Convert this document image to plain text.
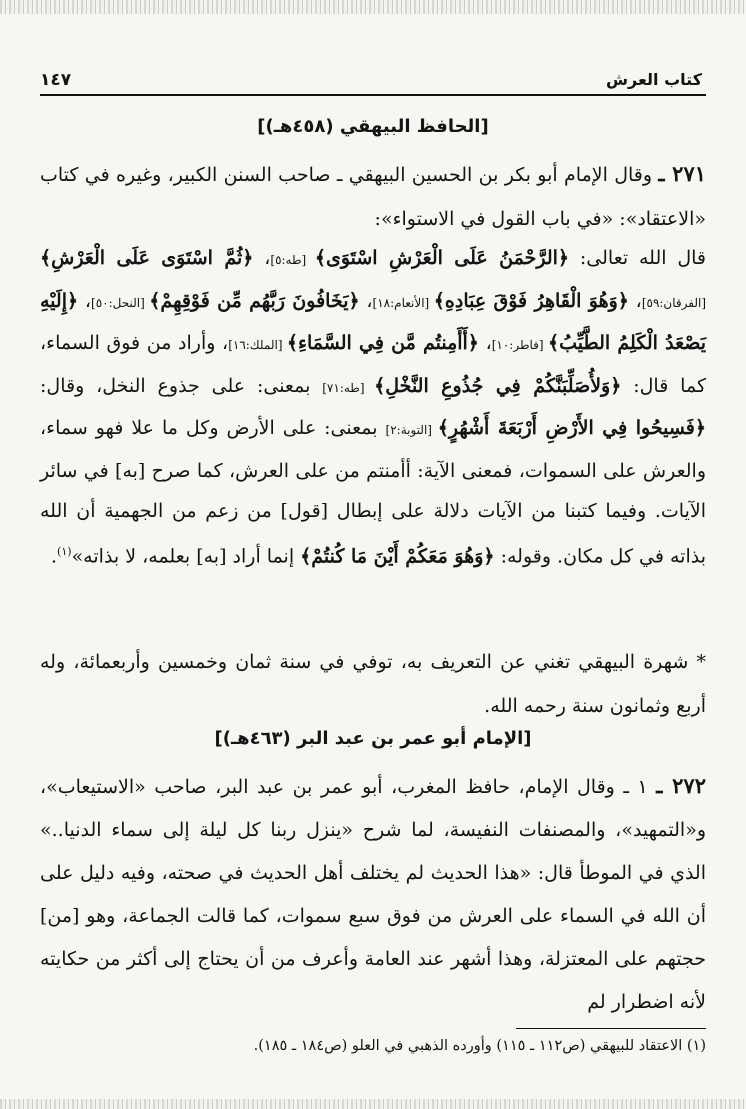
كتاب العرش
١٤٧
[الحافظ البيهقي (٤٥٨هـ)]
٢٧١ ـ وقال الإمام أبو بكر بن الحسين البيهقي ـ صاحب السنن الكبير، وغيره في كتاب «الاعتقاد»: «في باب القول في الاستواء»:
قال الله تعالى: ﴿الرَّحْمَنُ عَلَى الْعَرْشِ اسْتَوَى﴾ [طه:٥]، ﴿ثُمَّ اسْتَوَى عَلَى الْعَرْشِ﴾ [الفرقان:٥٩]، ﴿وَهُوَ الْقَاهِرُ فَوْقَ عِبَادِهِ﴾ [الأنعام:١٨]، ﴿يَخَافُونَ رَبَّهُم مِّن فَوْقِهِمْ﴾ [النحل:٥٠]، ﴿إِلَيْهِ يَصْعَدُ الْكَلِمُ الطَّيِّبُ﴾ [فاطر:١٠]، ﴿أَأَمِنتُم مَّن فِي السَّمَاءِ﴾ [الملك:١٦]، وأراد من فوق السماء، كما قال: ﴿وَلأُصَلِّبَنَّكُمْ فِي جُذُوعِ النَّخْلِ﴾ [طه:٧١] بمعنى: على جذوع النخل، وقال: ﴿فَسِيحُوا فِي الأَرْضِ أَرْبَعَةَ أَشْهُرٍ﴾ [التوبة:٢] بمعنى: على الأرض وكل ما علا فهو سماء، والعرش على السموات، فمعنى الآية: أأمنتم من على العرش، كما صرح [به] في سائر الآيات. وفيما كتبنا من الآيات دلالة على إبطال [قول] من زعم من الجهمية أن الله بذاته في كل مكان. وقوله: ﴿وَهُوَ مَعَكُمْ أَيْنَ مَا كُنتُمْ﴾ إنما أراد [به] بعلمه، لا بذاته»$^{(١)}$.
* شهرة البيهقي تغني عن التعريف به، توفي في سنة ثمان وخمسين وأربعمائة، وله أربع وثمانون سنة رحمه الله.
[الإمام أبو عمر بن عبد البر (٤٦٣هـ)]
٢٧٢ ـ ١ ـ وقال الإمام، حافظ المغرب، أبو عمر بن عبد البر، صاحب «الاستيعاب»، و«التمهيد»، والمصنفات النفيسة، لما شرح «ينزل ربنا كل ليلة إلى سماء الدنيا..» الذي في الموطأ قال: «هذا الحديث لم يختلف أهل الحديث في صحته، وفيه دليل على أن الله في السماء على العرش من فوق سبع سموات، كما قالت الجماعة، وهو [من] حجتهم على المعتزلة، وهذا أشهر عند العامة وأعرف من أن يحتاج إلى أكثر من حكايته لأنه اضطرار لم
(١) الاعتقاد للبيهقي (ص١١٢ ـ ١١٥) وأورده الذهبي في العلو (ص١٨٤ ـ ١٨٥).
